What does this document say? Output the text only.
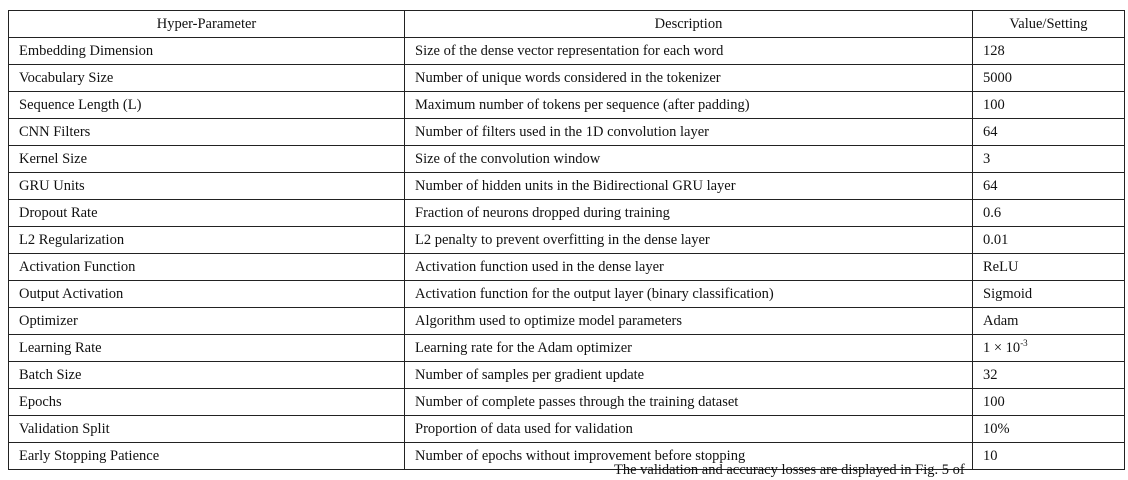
Hyper-Parameter	Description	Value/Setting
Embedding Dimension	Size of the dense vector representation for each word	128
Vocabulary Size	Number of unique words considered in the tokenizer	5000
Sequence Length (L)	Maximum number of tokens per sequence (after padding)	100
CNN Filters	Number of filters used in the 1D convolution layer	64
Kernel Size	Size of the convolution window	3
GRU Units	Number of hidden units in the Bidirectional GRU layer	64
Dropout Rate	Fraction of neurons dropped during training	0.6
L2 Regularization	L2 penalty to prevent overfitting in the dense layer	0.01
Activation Function	Activation function used in the dense layer	ReLU
Output Activation	Activation function for the output layer (binary classification)	Sigmoid
Optimizer	Algorithm used to optimize model parameters	Adam
Learning Rate	Learning rate for the Adam optimizer	$1 \times 10^{-3}$
Batch Size	Number of samples per gradient update	32
Epochs	Number of complete passes through the training dataset	100
Validation Split	Proportion of data used for validation	10%
Early Stopping Patience	Number of epochs without improvement before stopping	10
The validation and accuracy losses are displayed in Fig. 5 of
